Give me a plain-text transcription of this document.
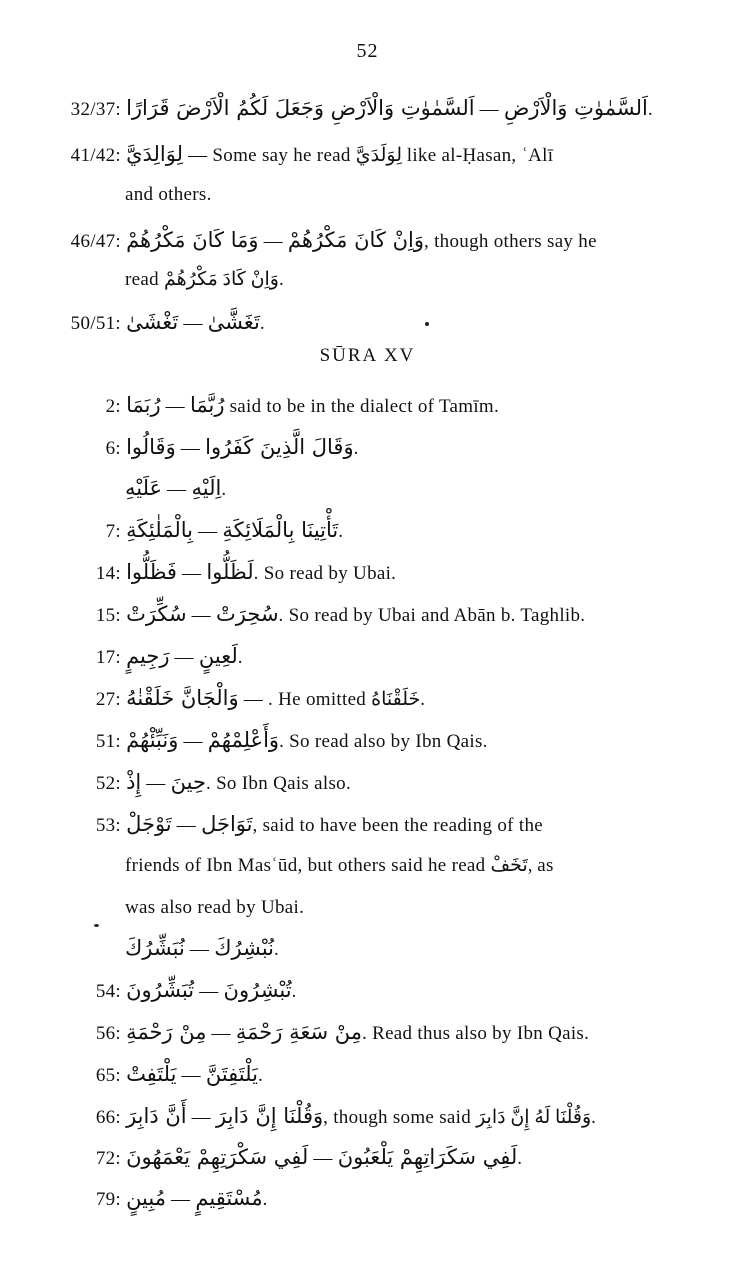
52
32/37: اَلسَّمٰوٰتِ وَالْاَرْضِ وَجَعَلَ لَكُمُ الْاَرْضَ قَرَارًا — اَلسَّمٰوٰتِ وَالْاَرْضِ.
41/42: لِوَالِدَيَّ — Some say he read لِوَلَدَيَّ like al-Ḥasan, ʿAlī
and others.
46/47: وَمَا كَانَ مَكْرُهُمْ — وَاِنْ كَانَ مَكْرُهُمْ, though others say he
read وَاِنْ كَادَ مَكْرُهُمْ.
50/51: تَغْشَىٰ — تَغَشَّىٰ.
SŪRA XV
2: رُبَمَا — رُبَّمَا said to be in the dialect of Tamīm.
6: وَقَالُوا — وَقَالَ الَّذِينَ كَفَرُوا.
عَلَيْهِ — اِلَيْهِ.
7: بِالْمَلٰئِكَةِ — تَأْتِينَا بِالْمَلَائِكَةِ.
14: فَظَلُّوا — لَظَلُّوا. So read by Ubai.
15: سُكِّرَتْ — سُحِرَتْ. So read by Ubai and Abān b. Taghlib.
17: رَجِيمٍ — لَعِينٍ.
27: وَالْجَانَّ خَلَقْنٰهُ — . He omitted خَلَقْنَاهُ.
51: وَنَبِّئْهُمْ — وَأَعْلِمْهُمْ. So read also by Ibn Qais.
52: إِذْ — حِينَ. So Ibn Qais also.
53: تَوْجَلْ — تَوَاجَل, said to have been the reading of the
friends of Ibn Masʿūd, but others said he read تَخَفْ, as
was also read by Ubai.
نُبَشِّرُكَ — نُبْشِرُكَ.
54: تُبَشِّرُونَ — تُبْشِرُونَ.
56: مِنْ رَحْمَةِ — مِنْ سَعَةِ رَحْمَةِ. Read thus also by Ibn Qais.
65: يَلْتَفِتْ — يَلْتَفِتَنَّ.
66: أَنَّ دَابِرَ — وَقُلْنَا إِنَّ دَابِرَ, though some said وَقُلْنَا لَهُ إِنَّ دَابِرَ.
72: لَفِي سَكْرَتِهِمْ يَعْمَهُونَ — لَفِي سَكَرَاتِهِمْ يَلْعَبُونَ.
79: مُبِينٍ — مُسْتَقِيمٍ.
